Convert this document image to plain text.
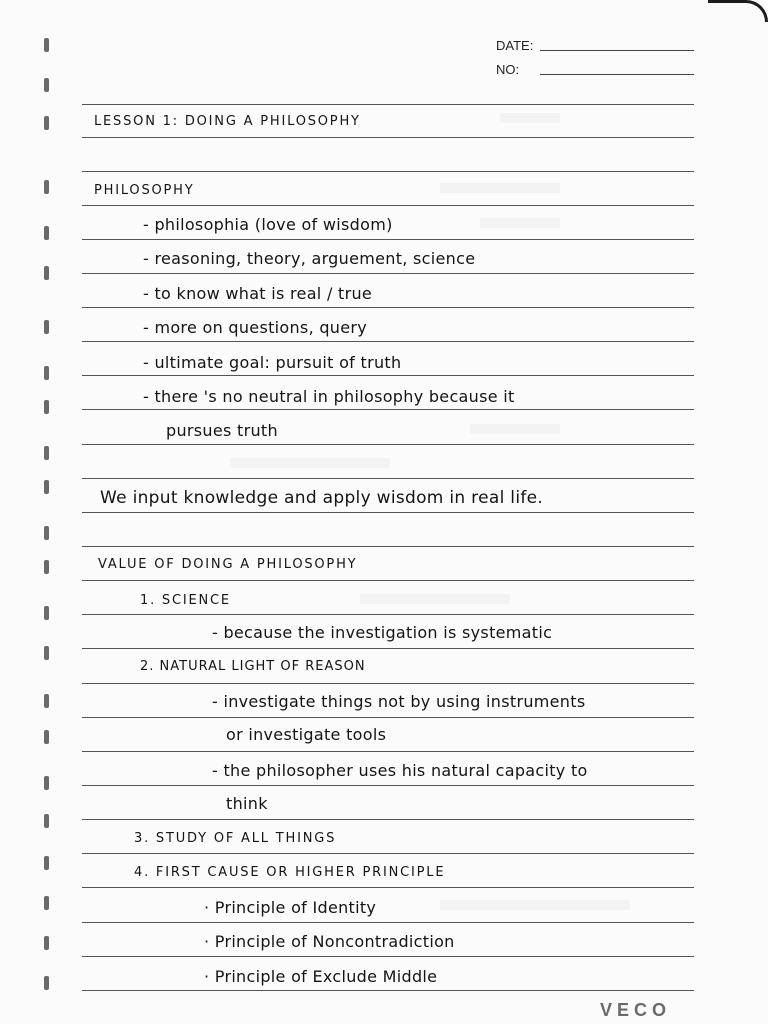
DATE:
NO:
LESSON 1: DOING A PHILOSOPHY
PHILOSOPHY
- philosophia (love of wisdom)
- reasoning, theory, arguement, science
- to know what is real / true
- more on questions, query
- ultimate goal: pursuit of truth
- there 's no neutral in philosophy because it
pursues truth
We input knowledge and apply wisdom in real life.
VALUE OF DOING A PHILOSOPHY
1. SCIENCE
- because the investigation is systematic
2. NATURAL LIGHT OF REASON
- investigate things not by using instruments
or investigate tools
- the philosopher uses his natural capacity to
think
3. STUDY OF ALL THINGS
4. FIRST CAUSE OR HIGHER PRINCIPLE
· Principle of Identity
· Principle of Noncontradiction
· Principle of Exclude Middle
VECO
